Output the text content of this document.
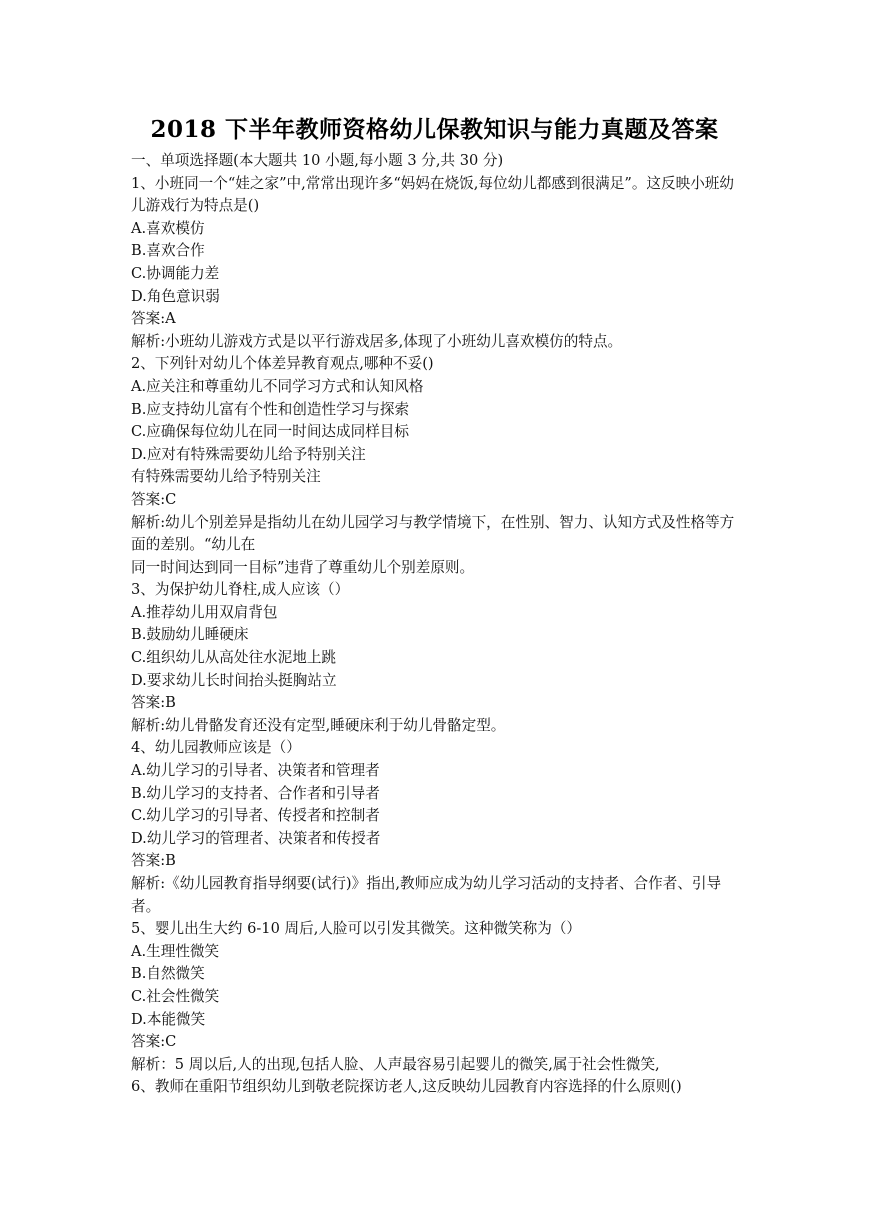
2018 下半年教师资格幼儿保教知识与能力真题及答案
一、单项选择题(本大题共 10 小题,每小题 3 分,共 30 分)
1、小班同一个“娃之家”中,常常出现许多“妈妈在烧饭,每位幼儿都感到很满足”。这反映小班幼儿游戏行为特点是()
A.喜欢模仿
B.喜欢合作
C.协调能力差
D.角色意识弱
答案:A
解析:小班幼儿游戏方式是以平行游戏居多,体现了小班幼儿喜欢模仿的特点。
2、下列针对幼儿个体差异教育观点,哪种不妥()
A.应关注和尊重幼儿不同学习方式和认知风格
B.应支持幼儿富有个性和创造性学习与探索
C.应确保每位幼儿在同一时间达成同样目标
D.应对有特殊需要幼儿给予特别关注
有特殊需要幼儿给予特别关注
答案:C
解析:幼儿个别差异是指幼儿在幼儿园学习与教学情境下，在性别、智力、认知方式及性格等方面的差别。“幼儿在
同一时间达到同一目标”违背了尊重幼儿个别差原则。
3、为保护幼儿脊柱,成人应该（）
A.推荐幼儿用双肩背包
B.鼓励幼儿睡硬床
C.组织幼儿从高处往水泥地上跳
D.要求幼儿长时间抬头挺胸站立
答案:B
解析:幼儿骨骼发育还没有定型,睡硬床利于幼儿骨骼定型。
4、幼儿园教师应该是（）
A.幼儿学习的引导者、决策者和管理者
B.幼儿学习的支持者、合作者和引导者
C.幼儿学习的引导者、传授者和控制者
D.幼儿学习的管理者、决策者和传授者
答案:B
解析:《幼儿园教育指导纲要(试行)》指出,教师应成为幼儿学习活动的支持者、合作者、引导者。
5、婴儿出生大约 6-10 周后,人脸可以引发其微笑。这种微笑称为（）
A.生理性微笑
B.自然微笑
C.社会性微笑
D.本能微笑
答案:C
解析：5 周以后,人的出现,包括人脸、人声最容易引起婴儿的微笑,属于社会性微笑,
6、教师在重阳节组织幼儿到敬老院探访老人,这反映幼儿园教育内容选择的什么原则()
